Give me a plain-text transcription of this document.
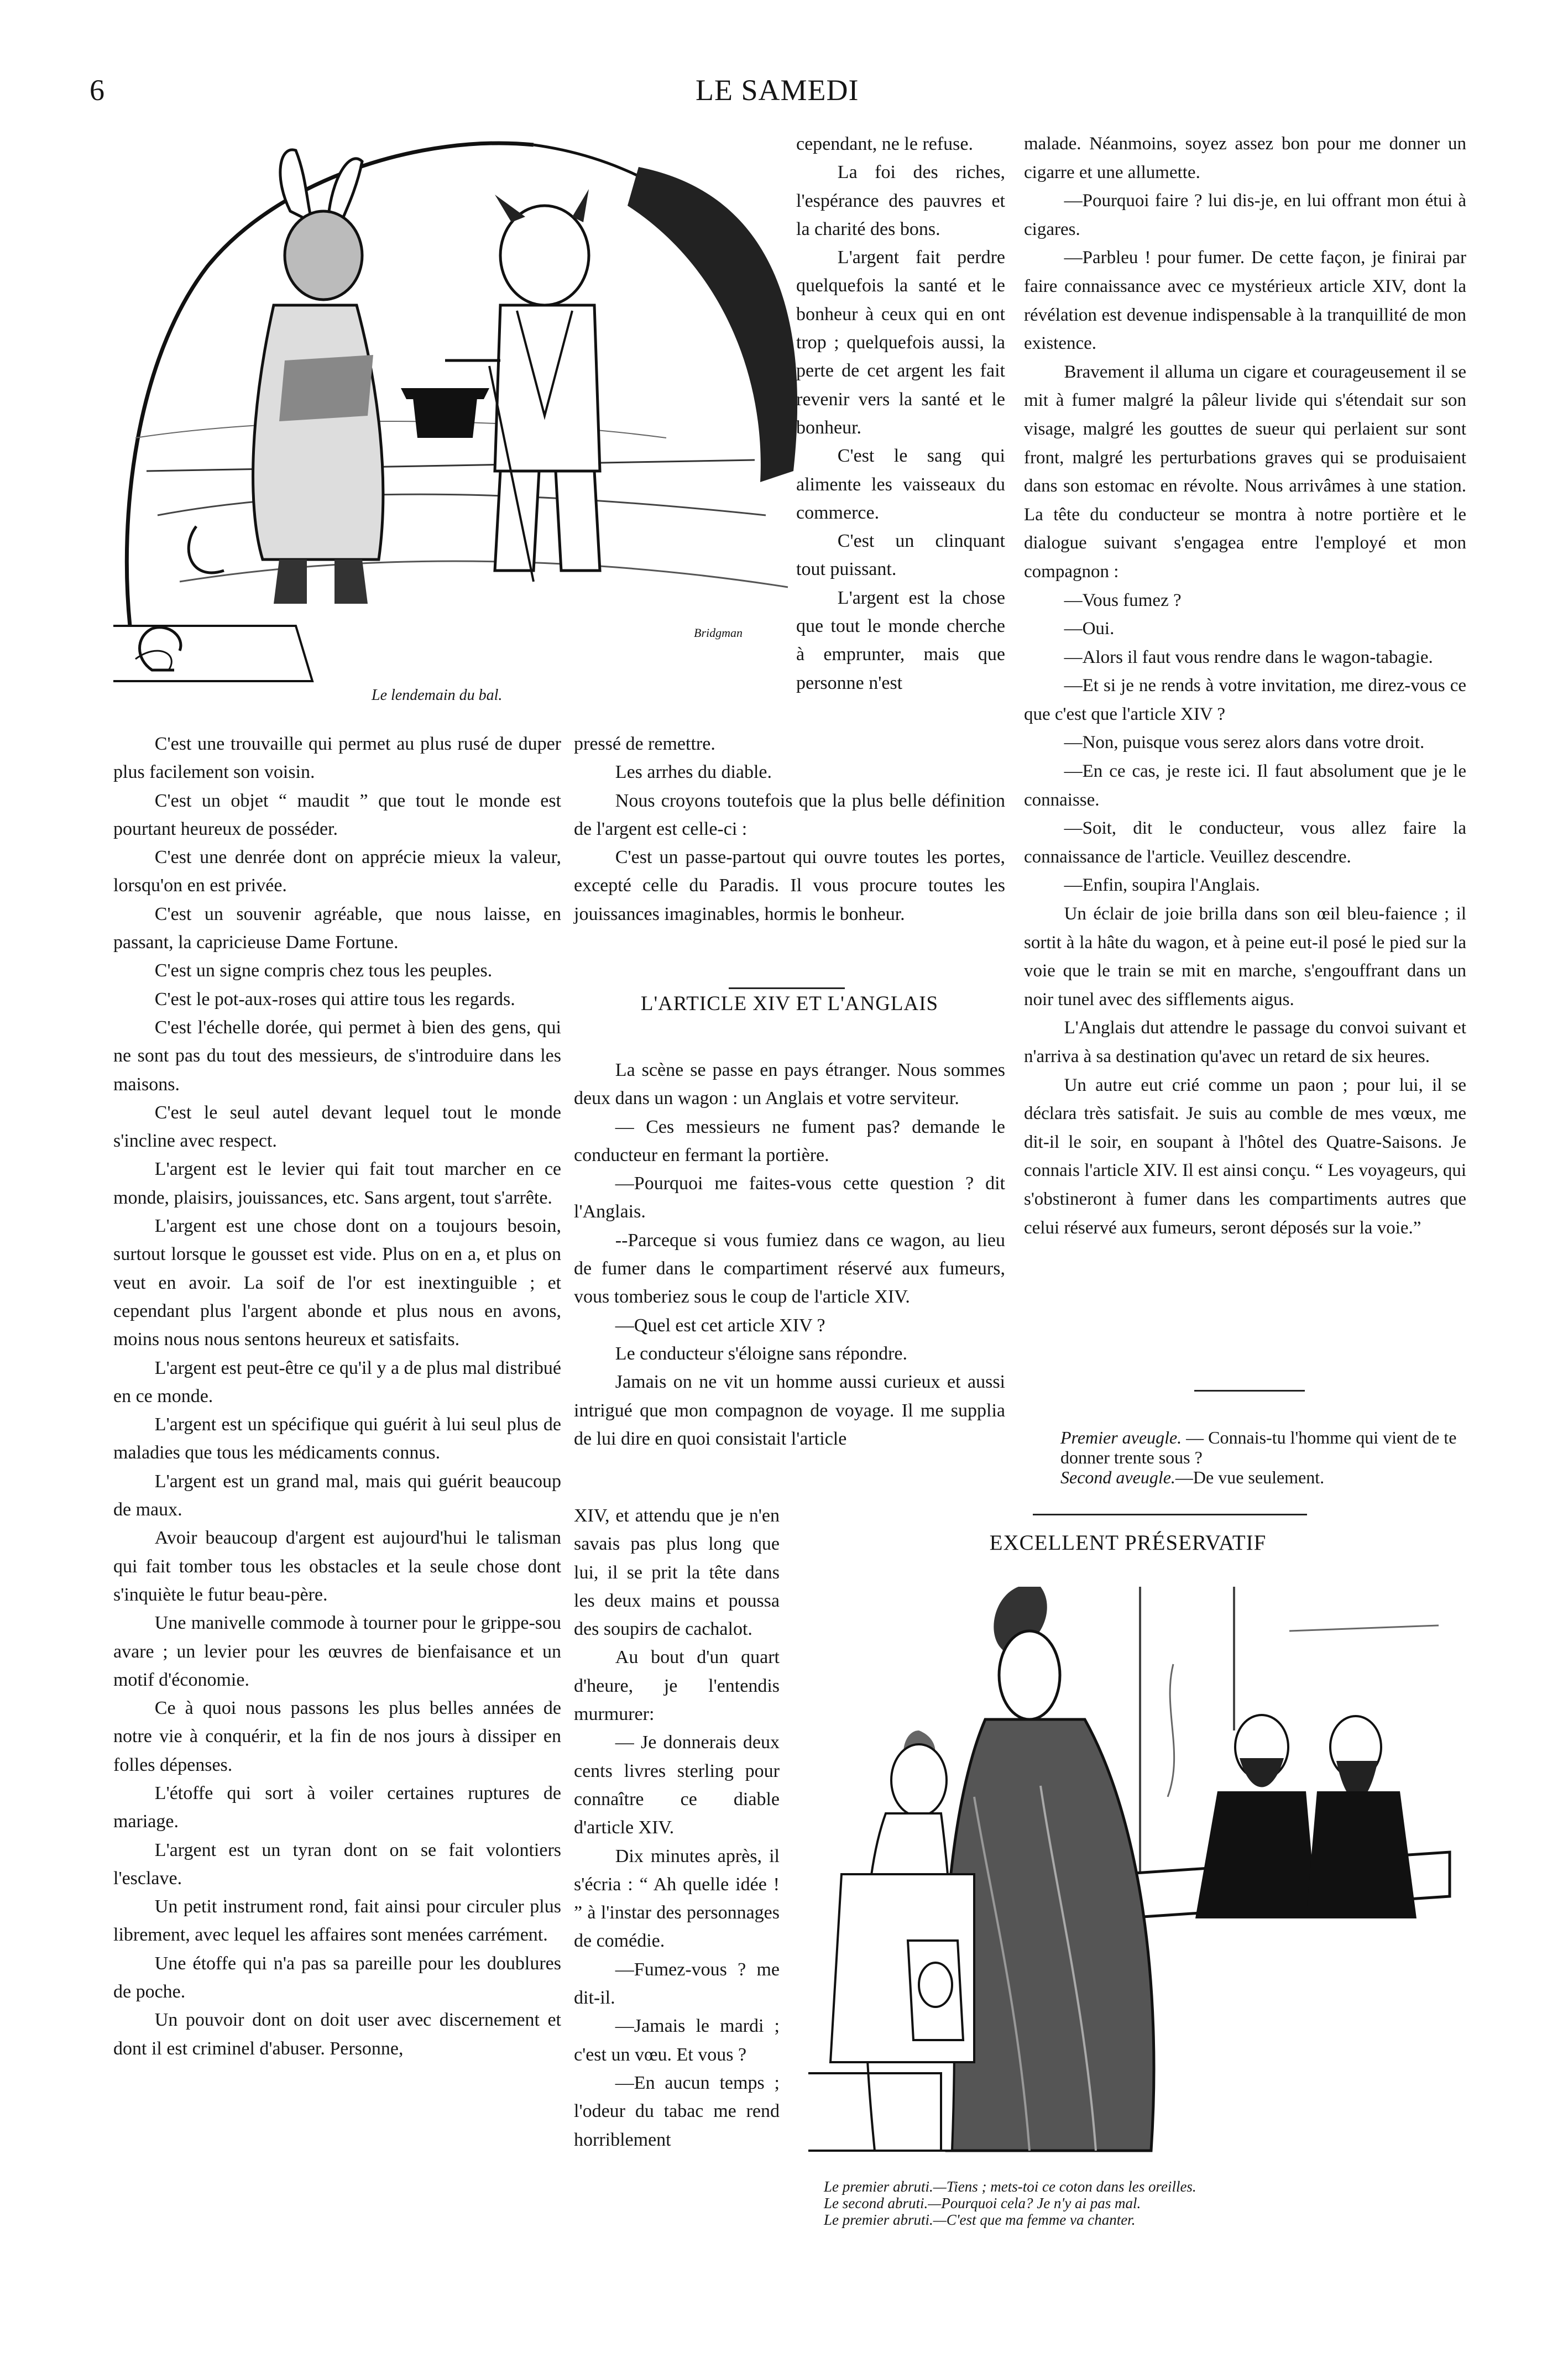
6	LE SAMEDI
Bridgman
Le lendemain du bal.

C'est une trouvaille qui permet au plus rusé de duper plus facilement son voisin.

C'est un objet “ maudit ” que tout le monde est pourtant heureux de posséder.

C'est une denrée dont on apprécie mieux la valeur, lorsqu'on en est privée.

C'est un souvenir agréable, que nous laisse, en passant, la capricieuse Dame Fortune.

C'est un signe compris chez tous les peuples.

C'est le pot-aux-roses qui attire tous les regards.

C'est l'échelle dorée, qui permet à bien des gens, qui ne sont pas du tout des messieurs, de s'introduire dans les maisons.

C'est le seul autel devant lequel tout le monde s'incline avec respect.

L'argent est le levier qui fait tout marcher en ce monde, plaisirs, jouissances, etc. Sans argent, tout s'arrête.

L'argent est une chose dont on a toujours besoin, surtout lorsque le gousset est vide. Plus on en a, et plus on veut en avoir. La soif de l'or est inextinguible ; et cependant plus l'argent abonde et plus nous en avons, moins nous nous sentons heureux et satisfaits.

L'argent est peut-être ce qu'il y a de plus mal distribué en ce monde.

L'argent est un spécifique qui guérit à lui seul plus de maladies que tous les médicaments connus.

L'argent est un grand mal, mais qui guérit beaucoup de maux.

Avoir beaucoup d'argent est aujourd'hui le talisman qui fait tomber tous les obstacles et la seule chose dont s'inquiète le futur beau-père.

Une manivelle commode à tourner pour le grippe-sou avare ; un levier pour les œuvres de bienfaisance et un motif d'économie.

Ce à quoi nous passons les plus belles années de notre vie à conquérir, et la fin de nos jours à dissiper en folles dépenses.

L'étoffe qui sort à voiler certaines ruptures de mariage.

L'argent est un tyran dont on se fait volontiers l'esclave.

Un petit instrument rond, fait ainsi pour circuler plus librement, avec lequel les affaires sont menées carrément.

Une étoffe qui n'a pas sa pareille pour les doublures de poche.

Un pouvoir dont on doit user avec discernement et dont il est criminel d'abuser. Personne,

cependant, ne le refuse.

La foi des riches, l'espérance des pauvres et la charité des bons.

L'argent fait perdre quelquefois la santé et le bonheur à ceux qui en ont trop ; quelquefois aussi, la perte de cet argent les fait revenir vers la santé et le bonheur.

C'est le sang qui alimente les vaisseaux du commerce.

C'est un clinquant tout puissant.

L'argent est la chose que tout le monde cherche à emprunter, mais que personne n'est

pressé de remettre.

Les arrhes du diable.

Nous croyons toutefois que la plus belle définition de l'argent est celle-ci :

C'est un passe-partout qui ouvre toutes les portes, excepté celle du Paradis. Il vous procure toutes les jouissances imaginables, hormis le bonheur.

L'ARTICLE XIV ET L'ANGLAIS

La scène se passe en pays étranger. Nous sommes deux dans un wagon : un Anglais et votre serviteur.

— Ces messieurs ne fument pas? demande le conducteur en fermant la portière.

—Pourquoi me faites-vous cette question ? dit l'Anglais.

--Parceque si vous fumiez dans ce wagon, au lieu de fumer dans le compartiment réservé aux fumeurs, vous tomberiez sous le coup de l'article XIV.

—Quel est cet article XIV ?

Le conducteur s'éloigne sans répondre.

Jamais on ne vit un homme aussi curieux et aussi intrigué que mon compagnon de voyage. Il me supplia de lui dire en quoi consistait l'article

XIV, et attendu que je n'en savais pas plus long que lui, il se prit la tête dans les deux mains et poussa des soupirs de cachalot.

Au bout d'un quart d'heure, je l'entendis murmurer:

— Je donnerais deux cents livres sterling pour connaître ce diable d'article XIV.

Dix minutes après, il s'écria : “ Ah quelle idée ! ” à l'instar des personnages de comédie.

—Fumez-vous ? me dit-il.

—Jamais le mardi ; c'est un vœu. Et vous ?

—En aucun temps ; l'odeur du tabac me rend horriblement

malade. Néanmoins, soyez assez bon pour me donner un cigarre et une allumette.

—Pourquoi faire ? lui dis-je, en lui offrant mon étui à cigares.

—Parbleu ! pour fumer. De cette façon, je finirai par faire connaissance avec ce mystérieux article XIV, dont la révélation est devenue indispensable à la tranquillité de mon existence.

Bravement il alluma un cigare et courageusement il se mit à fumer malgré la pâleur livide qui s'étendait sur son visage, malgré les gouttes de sueur qui perlaient sur sont front, malgré les perturbations graves qui se produisaient dans son estomac en révolte. Nous arrivâmes à une station. La tête du conducteur se montra à notre portière et le dialogue suivant s'engagea entre l'employé et mon compagnon :

—Vous fumez ?

—Oui.

—Alors il faut vous rendre dans le wagon-tabagie.

—Et si je ne rends à votre invitation, me direz-vous ce que c'est que l'article XIV ?

—Non, puisque vous serez alors dans votre droit.

—En ce cas, je reste ici. Il faut absolument que je le connaisse.

—Soit, dit le conducteur, vous allez faire la connaissance de l'article. Veuillez descendre.

—Enfin, soupira l'Anglais.

Un éclair de joie brilla dans son œil bleu-faience ; il sortit à la hâte du wagon, et à peine eut-il posé le pied sur la voie que le train se mit en marche, s'engouffrant dans un noir tunel avec des sifflements aigus.

L'Anglais dut attendre le passage du convoi suivant et n'arriva à sa destination qu'avec un retard de six heures.

Un autre eut crié comme un paon ; pour lui, il se déclara très satisfait. Je suis au comble de mes vœux, me dit-il le soir, en soupant à l'hôtel des Quatre-Saisons. Je connais l'article XIV. Il est ainsi conçu. “ Les voyageurs, qui s'obstineront à fumer dans les compartiments autres que celui réservé aux fumeurs, seront déposés sur la voie.”

Premier aveugle. — Connais-tu l'homme qui vient de te donner trente sous ?
Second aveugle.—De vue seulement.
EXCELLENT PRÉSERVATIF
Le premier abruti.—Tiens ; mets-toi ce coton dans les oreilles.
Le second abruti.—Pourquoi cela? Je n'y ai pas mal.
Le premier abruti.—C'est que ma femme va chanter.
